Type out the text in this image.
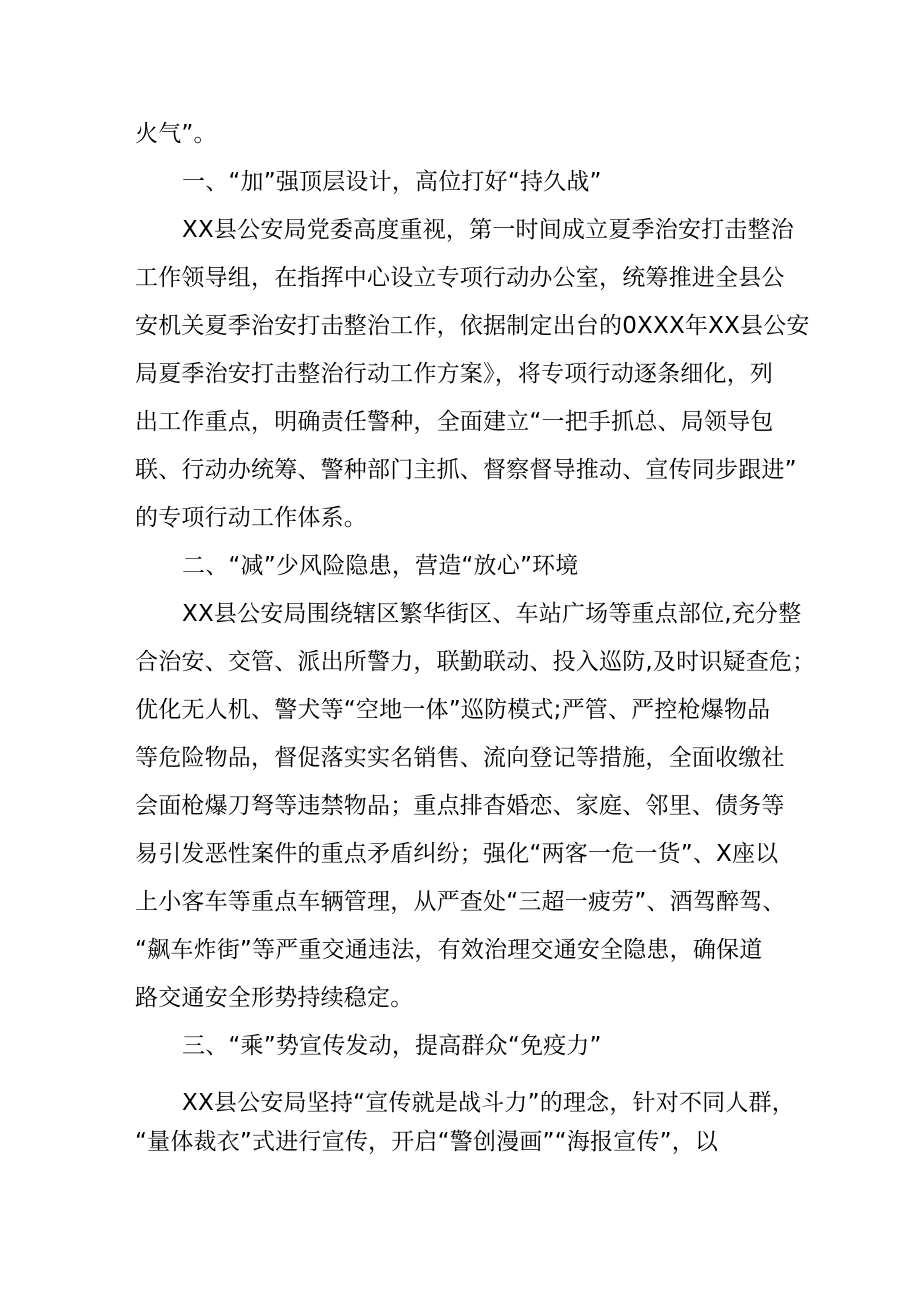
火气”。
一、“加”强顶层设计，高位打好“持久战”
XX县公安局党委高度重视，第一时间成立夏季治安打击整治
工作领导组，在指挥中心设立专项行动办公室，统筹推进全县公
安机关夏季治安打击整治工作，依据制定出台的0XXX年XX县公安
局夏季治安打击整治行动工作方案》，将专项行动逐条细化，列
出工作重点，明确责任警种，全面建立“一把手抓总、局领导包
联、行动办统筹、警种部门主抓、督察督导推动、宣传同步跟进”
的专项行动工作体系。
二、“减”少风险隐患，营造“放心”环境
XX县公安局围绕辖区繁华街区、车站广场等重点部位,充分整
合治安、交管、派出所警力，联勤联动、投入巡防,及时识疑查危；
优化无人机、警犬等“空地一体”巡防模式;严管、严控枪爆物品
等危险物品，督促落实实名销售、流向登记等措施，全面收缴社
会面枪爆刀弩等违禁物品；重点排杳婚恋、家庭、邻里、债务等
易引发恶性案件的重点矛盾纠纷；强化“两客一危一货”、X座以
上小客车等重点车辆管理，从严查处“三超一疲劳”、酒驾醉驾、
“飙车炸街”等严重交通违法，有效治理交通安全隐患，确保道
路交通安全形势持续稳定。
三、“乘”势宣传发动，提高群众“免疫力”
XX县公安局坚持“宣传就是战斗力”的理念，针对不同人群，
“量体裁衣”式进行宣传，开启“警创漫画”“海报宣传”，以
